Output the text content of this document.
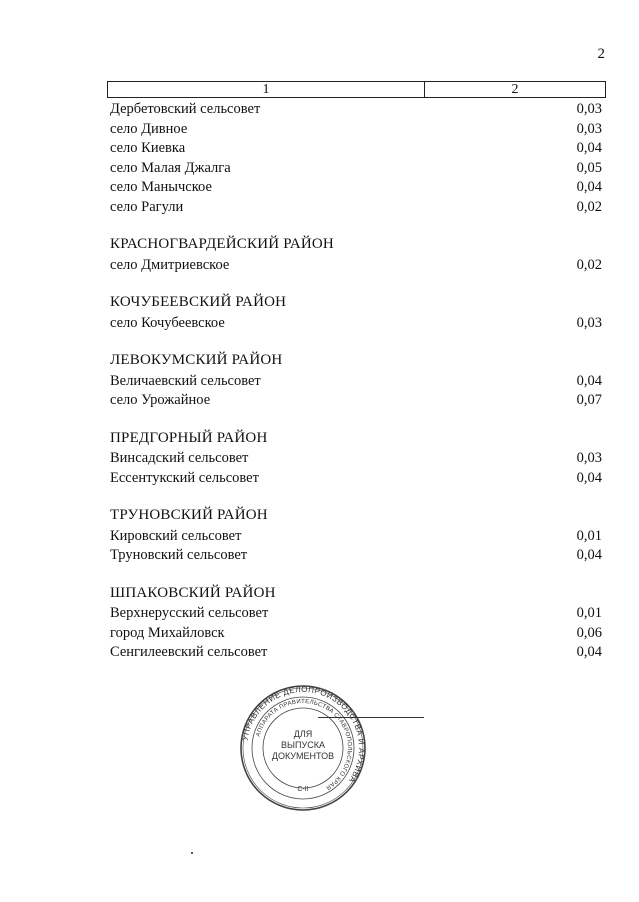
2
1	2
Дербетовский сельсовет	0,03
село Дивное	0,03
село Киевка	0,04
село Малая Джалга	0,05
село Манычское	0,04
село Рагули	0,02
КРАСНОГВАРДЕЙСКИЙ РАЙОН
село Дмитриевское	0,02
КОЧУБЕЕВСКИЙ РАЙОН
село Кочубеевское	0,03
ЛЕВОКУМСКИЙ РАЙОН
Величаевский сельсовет	0,04
село Урожайное	0,07
ПРЕДГОРНЫЙ РАЙОН
Винсадский сельсовет	0,03
Ессентукский сельсовет	0,04
ТРУНОВСКИЙ РАЙОН
Кировский сельсовет	0,01
Труновский сельсовет	0,04
ШПАКОВСКИЙ РАЙОН
Верхнерусский сельсовет	0,01
город Михайловск	0,06
Сенгилеевский сельсовет	0,04
УПРАВЛЕНИЕ ДЕЛОПРОИЗВОДСТВА И АРХИВА
АППАРАТА ПРАВИТЕЛЬСТВА СТАВРОПОЛЬСКОГО КРАЯ
ДЛЯ
ВЫПУСКА
ДОКУМЕНТОВ
С-II
